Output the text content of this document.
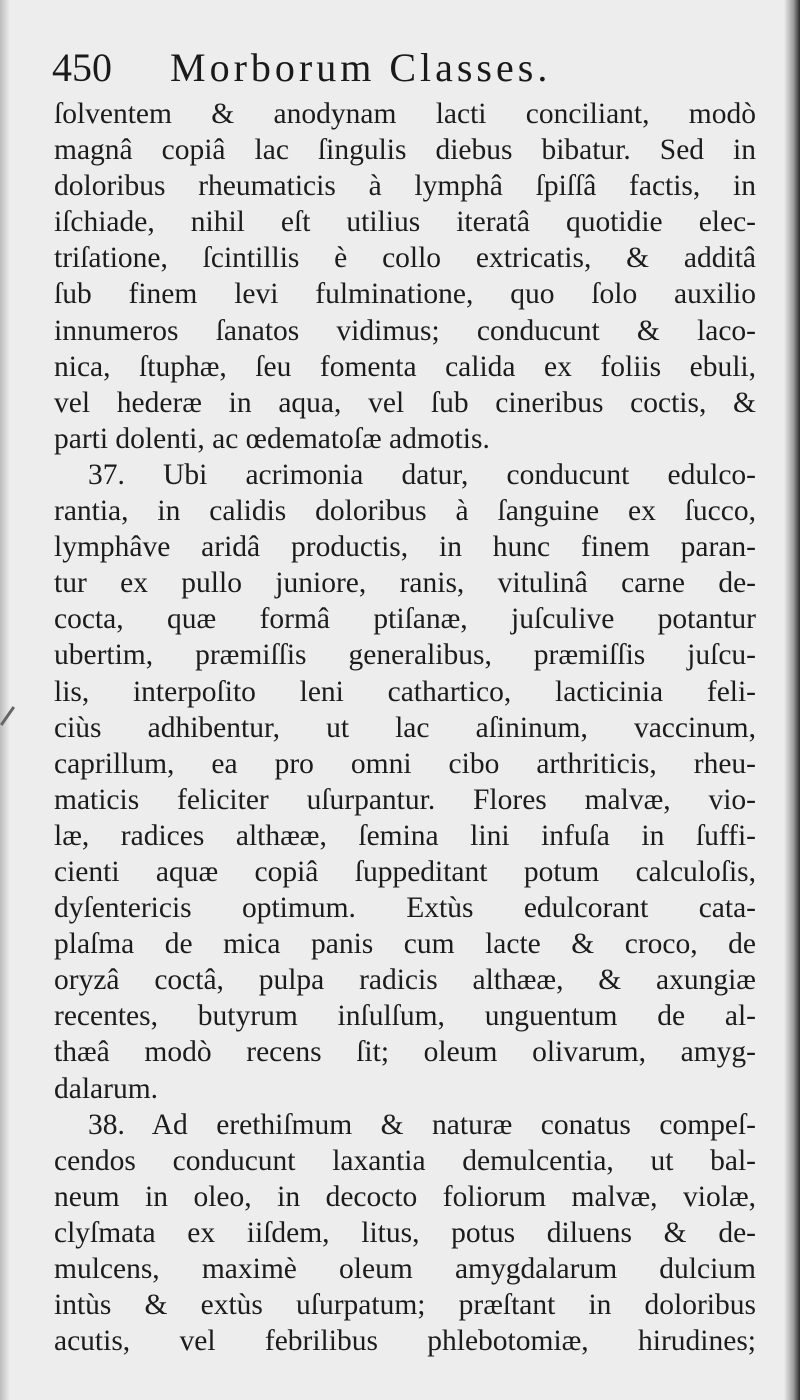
450 Morborum Classes.
ſolventem & anodynam lacti conciliant, modò
magnâ copiâ lac ſingulis diebus bibatur. Sed in
doloribus rheumaticis à lymphâ ſpiſſâ factis, in
iſchiade, nihil eſt utilius iteratâ quotidie elec-
triſatione, ſcintillis è collo extricatis, & additâ
ſub finem levi fulminatione, quo ſolo auxilio
innumeros ſanatos vidimus; conducunt & laco-
nica, ſtuphæ, ſeu fomenta calida ex foliis ebuli,
vel hederæ in aqua, vel ſub cineribus coctis, &
parti dolenti, ac œdematoſæ admotis.
37. Ubi acrimonia datur, conducunt edulco-
rantia, in calidis doloribus à ſanguine ex ſucco,
lymphâve aridâ productis, in hunc finem paran-
tur ex pullo juniore, ranis, vitulinâ carne de-
cocta, quæ formâ ptiſanæ, juſculive potantur
ubertim, præmiſſis generalibus, præmiſſis juſcu-
lis, interpoſito leni cathartico, lacticinia feli-
ciùs adhibentur, ut lac aſininum, vaccinum,
caprillum, ea pro omni cibo arthriticis, rheu-
maticis feliciter uſurpantur. Flores malvæ, vio-
læ, radices althææ, ſemina lini infuſa in ſuffi-
cienti aquæ copiâ ſuppeditant potum calculoſis,
dyſentericis optimum. Extùs edulcorant cata-
plaſma de mica panis cum lacte & croco, de
oryzâ coctâ, pulpa radicis althææ, & axungiæ
recentes, butyrum inſulſum, unguentum de al-
thæâ modò recens ſit; oleum olivarum, amyg-
dalarum.
38. Ad erethiſmum & naturæ conatus compeſ-
cendos conducunt laxantia demulcentia, ut bal-
neum in oleo, in decocto foliorum malvæ, violæ,
clyſmata ex iiſdem, litus, potus diluens & de-
mulcens, maximè oleum amygdalarum dulcium
intùs & extùs uſurpatum; præſtant in doloribus
acutis, vel febrilibus phlebotomiæ, hirudines;
